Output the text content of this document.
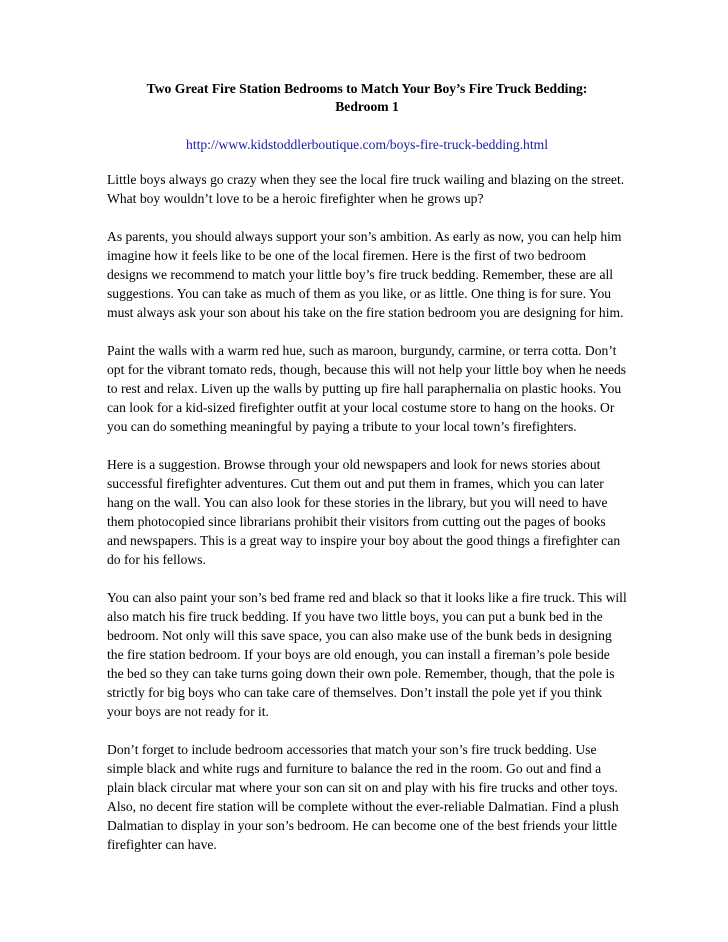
Two Great Fire Station Bedrooms to Match Your Boy’s Fire Truck Bedding:
Bedroom 1
http://www.kidstoddlerboutique.com/boys-fire-truck-bedding.html

Little boys always go crazy when they see the local fire truck wailing and blazing on the street. What boy wouldn’t love to be a heroic firefighter when he grows up?

As parents, you should always support your son’s ambition. As early as now, you can help him imagine how it feels like to be one of the local firemen. Here is the first of two bedroom designs we recommend to match your little boy’s fire truck bedding. Remember, these are all suggestions. You can take as much of them as you like, or as little. One thing is for sure. You must always ask your son about his take on the fire station bedroom you are designing for him.

Paint the walls with a warm red hue, such as maroon, burgundy, carmine, or terra cotta. Don’t opt for the vibrant tomato reds, though, because this will not help your little boy when he needs to rest and relax. Liven up the walls by putting up fire hall paraphernalia on plastic hooks. You can look for a kid-sized firefighter outfit at your local costume store to hang on the hooks. Or you can do something meaningful by paying a tribute to your local town’s firefighters.

Here is a suggestion. Browse through your old newspapers and look for news stories about successful firefighter adventures. Cut them out and put them in frames, which you can later hang on the wall. You can also look for these stories in the library, but you will need to have them photocopied since librarians prohibit their visitors from cutting out the pages of books and newspapers. This is a great way to inspire your boy about the good things a firefighter can do for his fellows.

You can also paint your son’s bed frame red and black so that it looks like a fire truck. This will also match his fire truck bedding. If you have two little boys, you can put a bunk bed in the bedroom. Not only will this save space, you can also make use of the bunk beds in designing the fire station bedroom. If your boys are old enough, you can install a fireman’s pole beside the bed so they can take turns going down their own pole. Remember, though, that the pole is strictly for big boys who can take care of themselves. Don’t install the pole yet if you think your boys are not ready for it.

Don’t forget to include bedroom accessories that match your son’s fire truck bedding. Use simple black and white rugs and furniture to balance the red in the room. Go out and find a plain black circular mat where your son can sit on and play with his fire trucks and other toys. Also, no decent fire station will be complete without the ever-reliable Dalmatian. Find a plush Dalmatian to display in your son’s bedroom. He can become one of the best friends your little firefighter can have.
